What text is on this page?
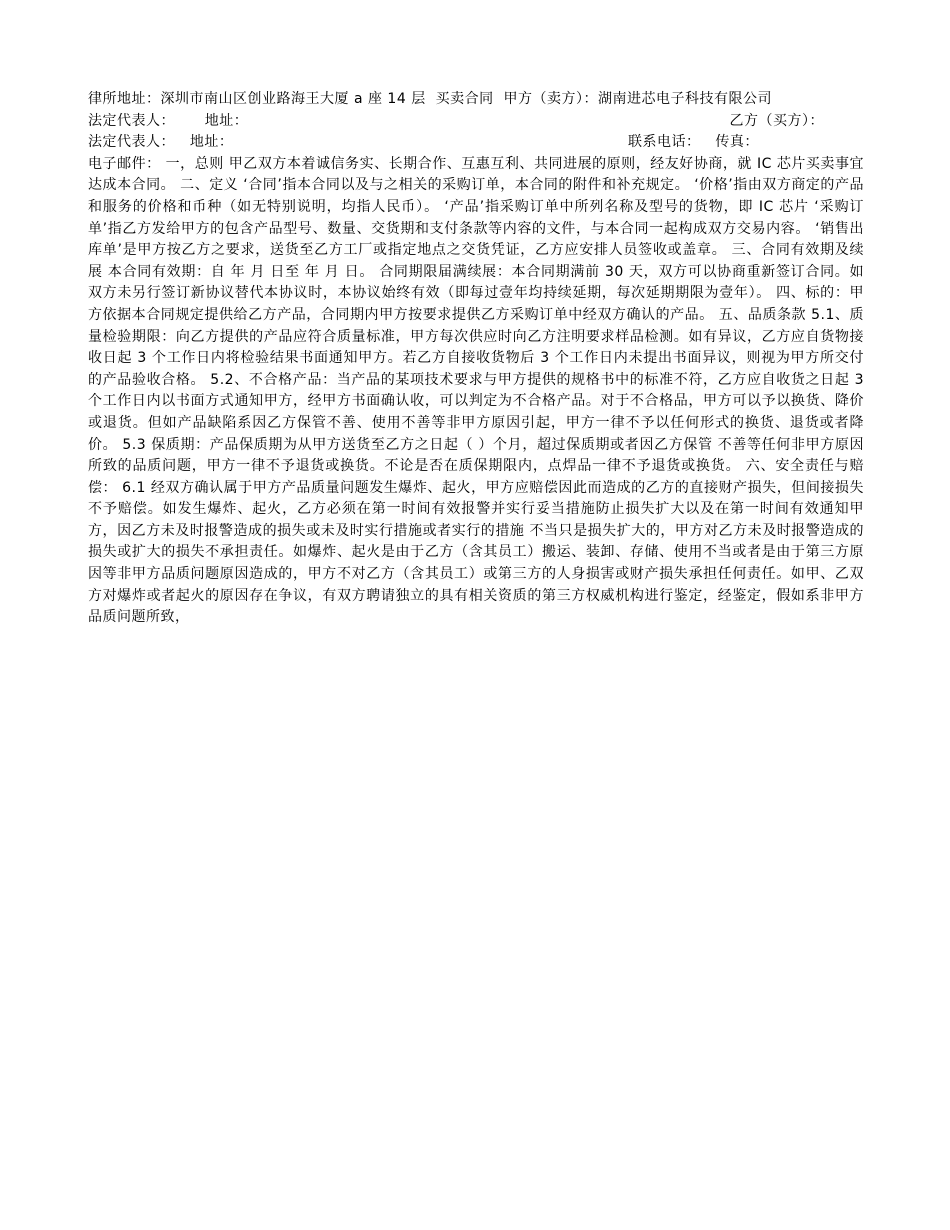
律所地址：深圳市南山区创业路海王大厦 a 座 14 层  买卖合同  甲方（卖方）：湖南进芯电子科技有限公司
法定代表人：      地址：	乙方（买方）：
法定代表人：   地址：	联系电话：   传真：
电子邮件： 一，总则 甲乙双方本着诚信务实、长期合作、互惠互利、共同进展的原则，经友好协商，就 IC 芯片买卖事宜达成本合同。 二、定义 ‘合同’指本合同以及与之相关的采购订单，本合同的附件和补充规定。 ‘价格’指由双方商定的产品和服务的价格和币种（如无特别说明，均指人民币）。 ‘产品’指采购订单中所列名称及型号的货物，即 IC 芯片 ‘采购订单’指乙方发给甲方的包含产品型号、数量、交货期和支付条款等内容的文件，与本合同一起构成双方交易内容。 ‘销售出库单’是甲方按乙方之要求，送货至乙方工厂或指定地点之交货凭证，乙方应安排人员签收或盖章。 三、合同有效期及续展 本合同有效期：自 年 月 日至 年 月 日。 合同期限届满续展：本合同期满前 30 天，双方可以协商重新签订合同。如双方未另行签订新协议替代本协议时，本协议始终有效（即每过壹年均持续延期，每次延期期限为壹年）。 四、标的：甲方依据本合同规定提供给乙方产品，合同期内甲方按要求提供乙方采购订单中经双方确认的产品。 五、品质条款 5.1、质量检验期限：向乙方提供的产品应符合质量标准，甲方每次供应时向乙方注明要求样品检测。如有异议，乙方应自货物接收日起 3 个工作日内将检验结果书面通知甲方。若乙方自接收货物后 3 个工作日内未提出书面异议，则视为甲方所交付的产品验收合格。 5.2、不合格产品：当产品的某项技术要求与甲方提供的规格书中的标准不符，乙方应自收货之日起 3 个工作日内以书面方式通知甲方，经甲方书面确认收，可以判定为不合格产品。对于不合格品，甲方可以予以换货、降价或退货。但如产品缺陷系因乙方保管不善、使用不善等非甲方原因引起，甲方一律不予以任何形式的换货、退货或者降价。 5.3 保质期：产品保质期为从甲方送货至乙方之日起（ ）个月，超过保质期或者因乙方保管 不善等任何非甲方原因所致的品质问题，甲方一律不予退货或换货。不论是否在质保期限内，点焊品一律不予退货或换货。 六、安全责任与赔偿： 6.1 经双方确认属于甲方产品质量问题发生爆炸、起火，甲方应赔偿因此而造成的乙方的直接财产损失，但间接损失不予赔偿。如发生爆炸、起火，乙方必须在第一时间有效报警并实行妥当措施防止损失扩大以及在第一时间有效通知甲方，因乙方未及时报警造成的损失或未及时实行措施或者实行的措施 不当只是损失扩大的，甲方对乙方未及时报警造成的损失或扩大的损失不承担责任。如爆炸、起火是由于乙方（含其员工）搬运、装卸、存储、使用不当或者是由于第三方原因等非甲方品质问题原因造成的，甲方不对乙方（含其员工）或第三方的人身损害或财产损失承担任何责任。如甲、乙双方对爆炸或者起火的原因存在争议，有双方聘请独立的具有相关资质的第三方权威机构进行鉴定，经鉴定，假如系非甲方品质问题所致，
